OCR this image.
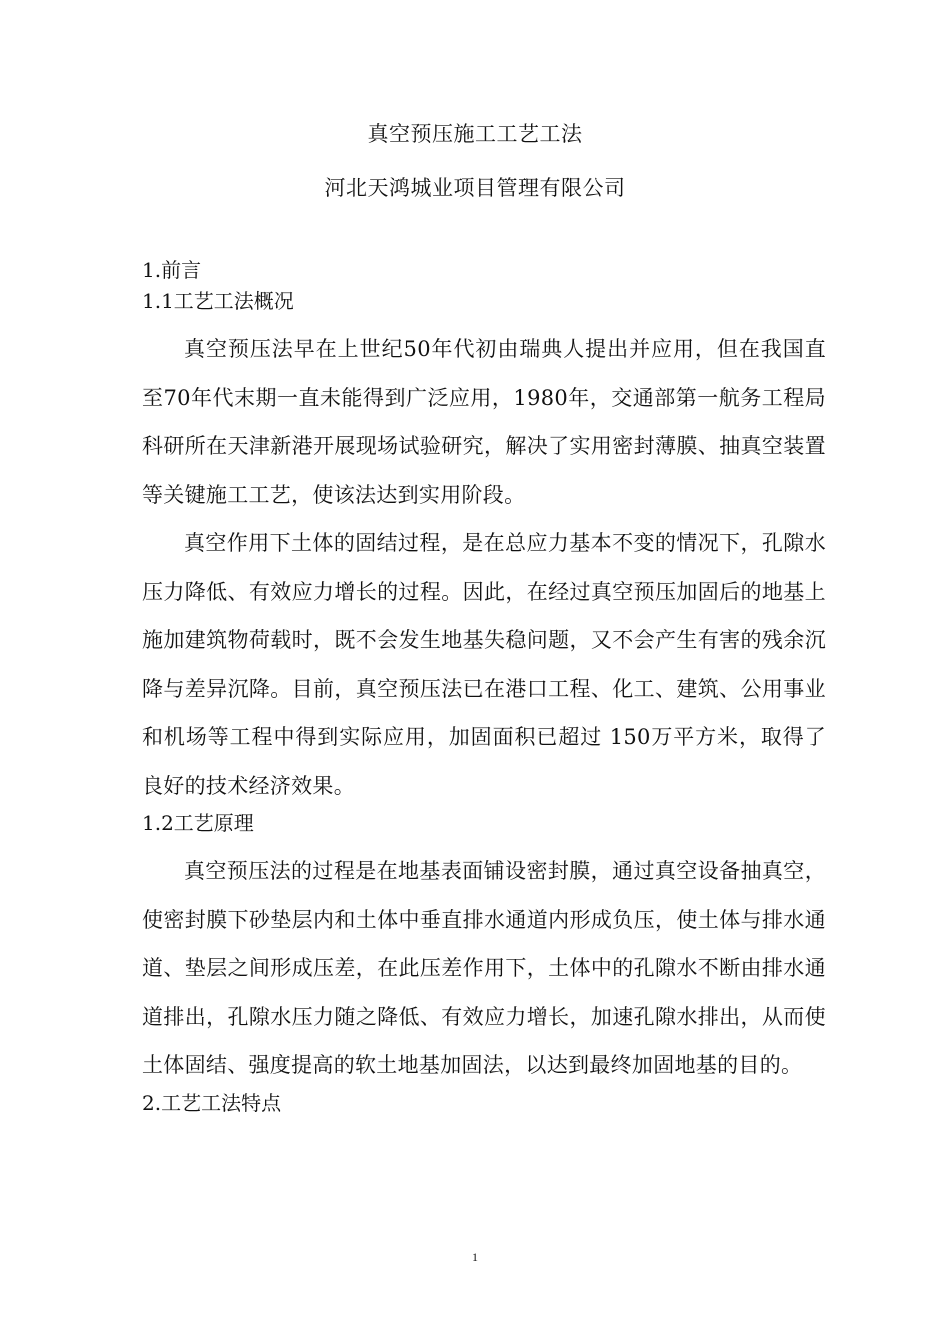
真空预压施工工艺工法
河北天鸿城业项目管理有限公司
1.前言
1.1工艺工法概况

真空预压法早在上世纪50年代初由瑞典人提出并应用，但在我国直至70年代末期一直未能得到广泛应用，1980年，交通部第一航务工程局科研所在天津新港开展现场试验研究，解决了实用密封薄膜、抽真空装置等关键施工工艺，使该法达到实用阶段。

真空作用下土体的固结过程，是在总应力基本不变的情况下，孔隙水压力降低、有效应力增长的过程。因此，在经过真空预压加固后的地基上施加建筑物荷载时，既不会发生地基失稳问题，又不会产生有害的残余沉降与差异沉降。目前，真空预压法已在港口工程、化工、建筑、公用事业和机场等工程中得到实际应用，加固面积已超过 150万平方米，取得了良好的技术经济效果。

1.2工艺原理

真空预压法的过程是在地基表面铺设密封膜，通过真空设备抽真空，使密封膜下砂垫层内和土体中垂直排水通道内形成负压，使土体与排水通道、垫层之间形成压差，在此压差作用下，土体中的孔隙水不断由排水通道排出，孔隙水压力随之降低、有效应力增长，加速孔隙水排出，从而使土体固结、强度提高的软土地基加固法，以达到最终加固地基的目的。

2.工艺工法特点
1
